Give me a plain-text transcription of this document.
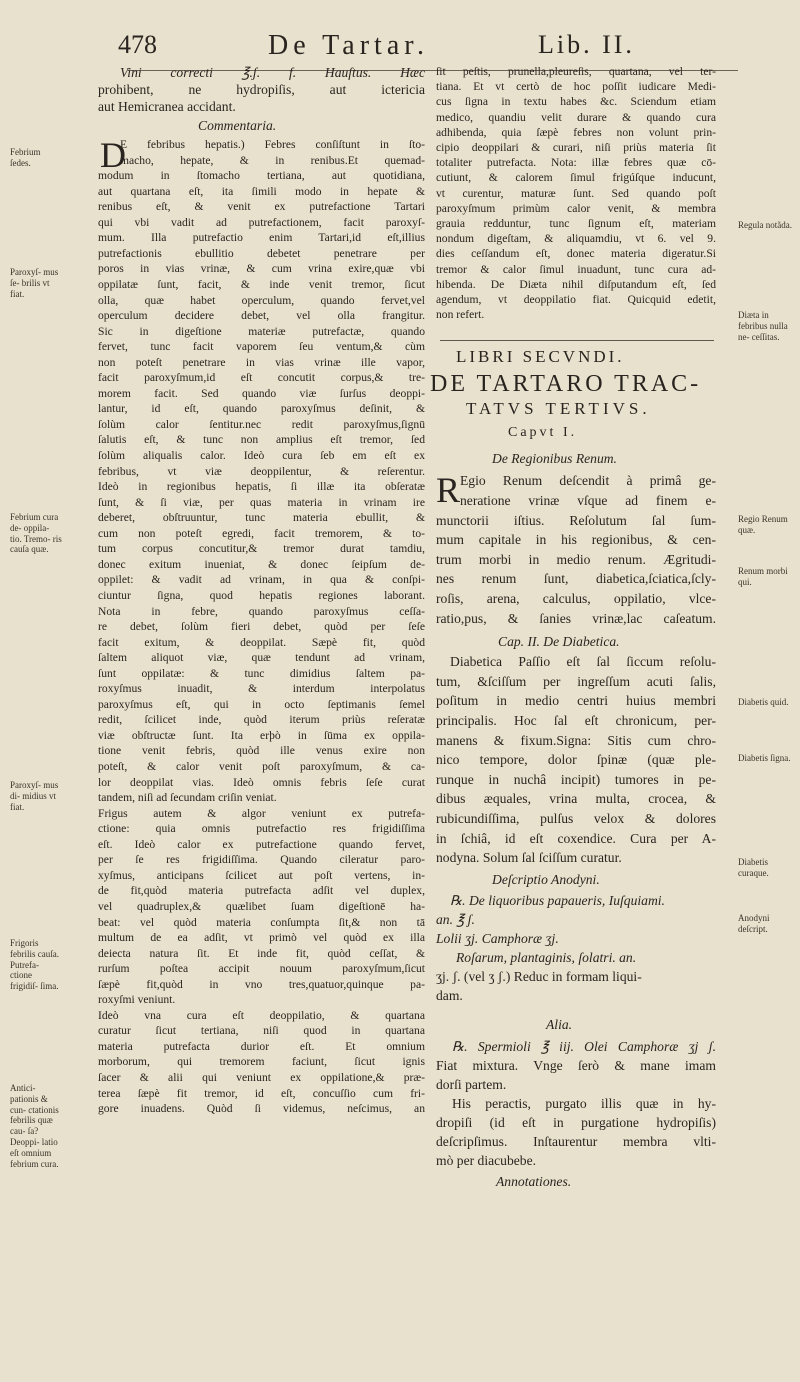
478	De Tartar.	Lib. II.
Vini correcti ℥.ʃ. f. Hauſtus. Hæc
prohibent, ne hydropiſis, aut ictericia
aut Hemicranea accidant.
Commentaria.
D
E febribus hepatis.) Febres conſiſtunt in ſto-
macho, hepate, & in renibus.Et quemad-
modum in ſtomacho tertiana, aut quotidiana,
aut quartana eſt, ita ſimili modo in hepate &
renibus eſt, & venit ex putrefactione Tartari
qui vbi vadit ad putrefactionem, facit paroxyſ-
mum. Illa putrefactio enim Tartari,id eſt,illius
putrefactionis ebullitio debetet penetrare per
poros in vias vrinæ, & cum vrina exire,quæ vbi
oppilatæ ſunt, facit, & inde venit tremor, ſicut
olla, quæ habet operculum, quando fervet,vel
operculum decidere debet, vel olla frangitur.
Sic in digeſtione materiæ putrefactæ, quando
fervet, tunc facit vaporem ſeu ventum,& cùm
non poteſt penetrare in vias vrinæ ille vapor,
facit paroxyſmum,id eſt concutit corpus,& tre-
morem facit. Sed quando viæ ſurſus deoppi-
lantur, id eſt, quando paroxyſmus deſinit, &
ſolùm calor ſentitur.nec redit paroxyſmus,ſignū
ſalutis eſt, & tunc non amplius eſt tremor, ſed
ſolùm aliqualis calor. Ideò cura ſeb em eſt ex
febribus, vt viæ deoppilentur, & reſerentur.
Ideò in regionibus hepatis, ſi illæ ita obſeratæ
ſunt, & ſi viæ, per quas materia in vrinam ire
deberet, obſtruuntur, tunc materia ebullit, &
cum non poteſt egredi, facit tremorem, & to-
tum corpus concutitur,& tremor durat tamdiu,
donec exitum inueniat, & donec ſeipſum de-
oppilet: & vadit ad vrinam, in qua & conſpi-
ciuntur ſigna, quod hepatis regiones laborant.
Nota in febre, quando paroxyſmus ceſſa-
re debet, ſolùm fieri debet, quòd per ſeſe
facit exitum, & deoppilat. Sæpè fit, quòd
ſaltem aliquot viæ, quæ tendunt ad vrinam,
ſunt oppilatæ: & tunc dimidius ſaltem pa-
roxyſmus inuadit, & interdum interpolatus
paroxyſmus eſt, qui in octo ſeptimanis ſemel
redit, ſcilicet inde, quòd iterum priùs reſeratæ
viæ obſtructæ ſunt. Ita erþò in ſūma ex oppila-
tione venit febris, quòd ille venus exire non
poteſt, & calor venit poſt paroxyſmum, & ca-
lor deoppilat vias. Ideò omnis febris ſeſe curat
tandem, niſi ad ſecundam criſin veniat.
Frigus autem & algor veniunt ex putrefa-
ctione: quia omnis putrefactio res frigidiſſima
eſt. Ideò calor ex putrefactione quando fervet,
per ſe res frigidiſſima. Quando cileratur paro-
xyſmus, anticipans ſcilicet aut poſt vertens, in-
de fit,quòd materia putrefacta adſit vel duplex,
vel quadruplex,& quælibet ſuam digeſtionē ha-
beat: vel quòd materia conſumpta ſit,& non tā
multum de ea adſit, vt primò vel quòd ex illa
deiecta natura ſit. Et inde fit, quòd ceſſat, &
rurſum poſtea accipit nouum paroxyſmum,ſicut
ſæpè fit,quòd in vno tres,quatuor,quinque pa-
roxyſmi veniunt.
Ideò vna cura eſt deoppilatio, & quartana
curatur ſicut tertiana, niſi quod in quartana
materia putrefacta durior eſt. Et omnium
morborum, qui tremorem faciunt, ſicut ignis
ſacer & alii qui veniunt ex oppilatione,& præ-
terea ſæpè fit tremor, id eſt, concuſſio cum fri-
gore inuadens. Quòd ſi videmus, neſcimus, an
ſit peſtis, prunella,pleureſis, quartana, vel ter-
tiana. Et vt certò de hoc poſſit iudicare Medi-
cus ſigna in textu habes &c. Sciendum etiam
medico, quandiu velit durare & quando cura
adhibenda, quia ſæpè febres non volunt prin-
cipio deoppilari & curari, niſi priùs materia ſit
totaliter putrefacta. Nota: illæ febres quæ cō-
cutiunt, & calorem ſimul frigúſque inducunt,
vt curentur, maturæ ſunt. Sed quando poſt
paroxyſmum primùm calor venit, & membra
grauia redduntur, tunc ſignum eſt, materiam
nondum digeſtam, & aliquamdiu, vt 6. vel 9.
dies ceſſandum eſt, donec materia digeratur.Si
tremor & calor ſimul inuadunt, tunc cura ad-
hibenda. De Diæta nihil diſputandum eſt, ſed
agendum, vt deoppilatio fiat. Quicquid edetit,
non refert.
LIBRI SECVNDI.
DE TARTARO TRAC-
TATVS TERTIVS.
Capvt I.
De Regionibus Renum.
R Egio Renum deſcendit à primâ ge-
neratione vrinæ vſque ad finem e-
munctorii iſtius. Reſolutum ſal ſum-
mum capitale in his regionibus, & cen-
trum morbi in medio renum. Ægritudi-
nes renum ſunt, diabetica,ſciatica,ſcly-
roſis, arena, calculus, oppilatio, vlce-
ratio,pus, & ſanies vrinæ,lac caſeatum.
Cap. II. De Diabetica.
Diabetica Paſſio eſt ſal ſiccum reſolu-
tum, &ſciſſum per ingreſſum acuti ſalis,
poſitum in medio centri huius membri
principalis. Hoc ſal eſt chronicum, per-
manens & fixum.Signa: Sitis cum chro-
nico tempore, dolor ſpinæ (quæ ple-
runque in nuchâ incipit) tumores in pe-
dibus æquales, vrina multa, crocea, &
rubicundiſſima, pulſus velox & dolores
in ſchiâ, id eſt coxendice. Cura per A-
nodyna. Solum ſal ſciſſum curatur.
Deſcriptio Anodyni.
℞. De liquoribus papaueris, Iuſquiami.
an. ℥ ʃ.
Lolii ʒj. Camphoræ ʒj.
Roſarum, plantaginis, ſolatri. an.
ʒj. ʃ. (vel ʒ ʃ.) Reduc in formam liqui-
dam.
Alia.
℞. Spermioli ℥ iij. Olei Camphoræ ʒj ʃ.
Fiat mixtura. Vnge ſerò & mane imam
dorſi partem.
His peractis, purgato illis quæ in hy-
dropiſi (id eſt in purgatione hydropiſis)
deſcripſimus. Inſtaurentur membra vlti-
mò per diacubebe.
Annotationes.
Febrium ſedes.
Paroxyſ- mus ſe- brilis vt fiat.
Febrium cura de- oppila- tio. Tremo- ris cauſa quæ.
Paroxyſ- mus di- midius vt fiat.
Frigoris febrilis cauſa. Putrefa- ctione frigidiſ- ſima.
Antici- pationis & cun- ctationis febrilis quæ cau- ſa? Deoppi- latio eſt omnium febrium cura.
Regula notãda.
Diæta in febribus nulla ne- ceſſitas.
Regio Renum quæ.
Renum morbi qui.
Diabetis quid.
Diabetis ſigna.
Diabetis curaque.
Anodyni deſcript.
